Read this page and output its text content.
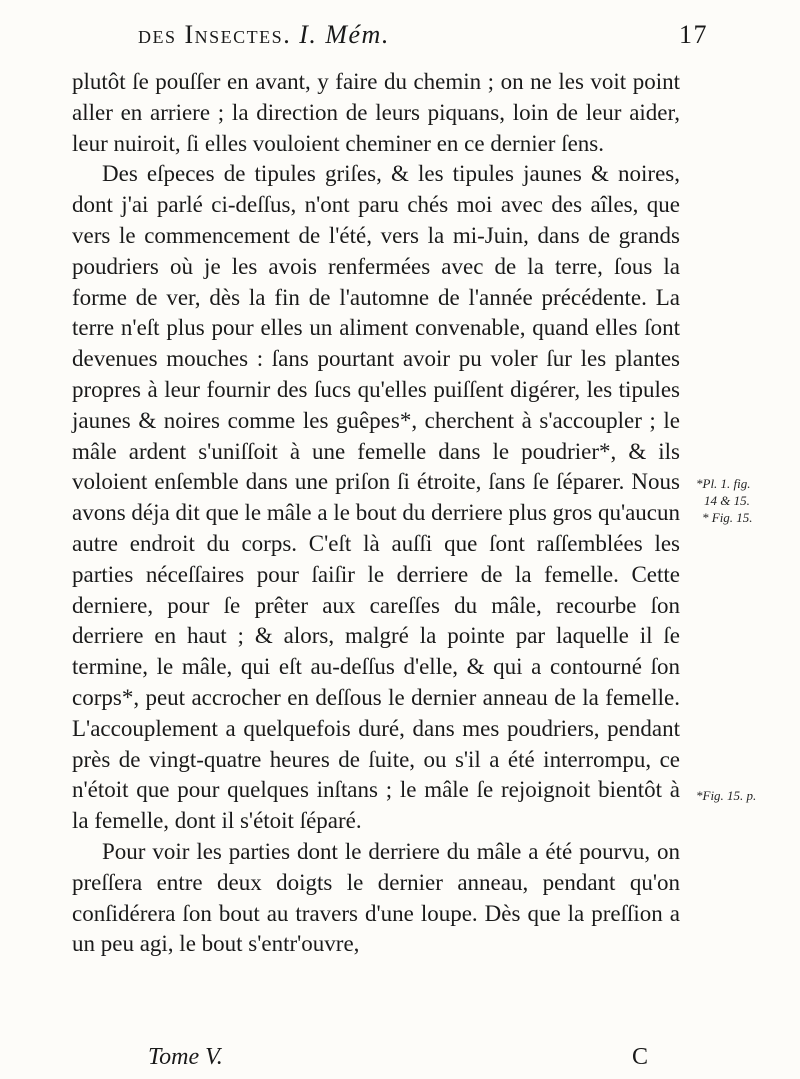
des Insectes. I. Mém.	17

plutôt ſe pouſſer en avant, y faire du chemin ; on ne les voit point aller en arriere ; la direction de leurs piquans, loin de leur aider, leur nuiroit, ſi elles vouloient cheminer en ce dernier ſens.

Des eſpeces de tipules griſes, & les tipules jaunes & noires, dont j'ai parlé ci-deſſus, n'ont paru chés moi avec des aîles, que vers le commencement de l'été, vers la mi-Juin, dans de grands poudriers où je les avois renfermées avec de la terre, ſous la forme de ver, dès la fin de l'automne de l'année précédente. La terre n'eſt plus pour elles un aliment convenable, quand elles ſont devenues mouches : ſans pourtant avoir pu voler ſur les plantes propres à leur fournir des ſucs qu'elles puiſſent digérer, les tipules jaunes & noires comme les guêpes*, cherchent à s'accoupler ; le mâle ardent s'uniſſoit à une femelle dans le poudrier*, & ils voloient enſemble dans une priſon ſi étroite, ſans ſe ſéparer. Nous avons déja dit que le mâle a le bout du derriere plus gros qu'aucun autre endroit du corps. C'eſt là auſſi que ſont raſſemblées les parties néceſſaires pour ſaiſir le derriere de la femelle. Cette derniere, pour ſe prêter aux careſſes du mâle, recourbe ſon derriere en haut ; & alors, malgré la pointe par laquelle il ſe termine, le mâle, qui eſt au-deſſus d'elle, & qui a contourné ſon corps*, peut accrocher en deſſous le dernier anneau de la femelle. L'accouplement a quelquefois duré, dans mes poudriers, pendant près de vingt-quatre heures de ſuite, ou s'il a été interrompu, ce n'étoit que pour quelques inſtans ; le mâle ſe rejoignoit bientôt à la femelle, dont il s'étoit ſéparé.

Pour voir les parties dont le derriere du mâle a été pourvu, on preſſera entre deux doigts le dernier anneau, pendant qu'on conſidérera ſon bout au travers d'une loupe. Dès que la preſſion a un peu agi, le bout s'entr'ouvre,

*Pl. 1. fig.
14 & 15.
* Fig. 15.
*Fig. 15. p.
Tome V.	C
